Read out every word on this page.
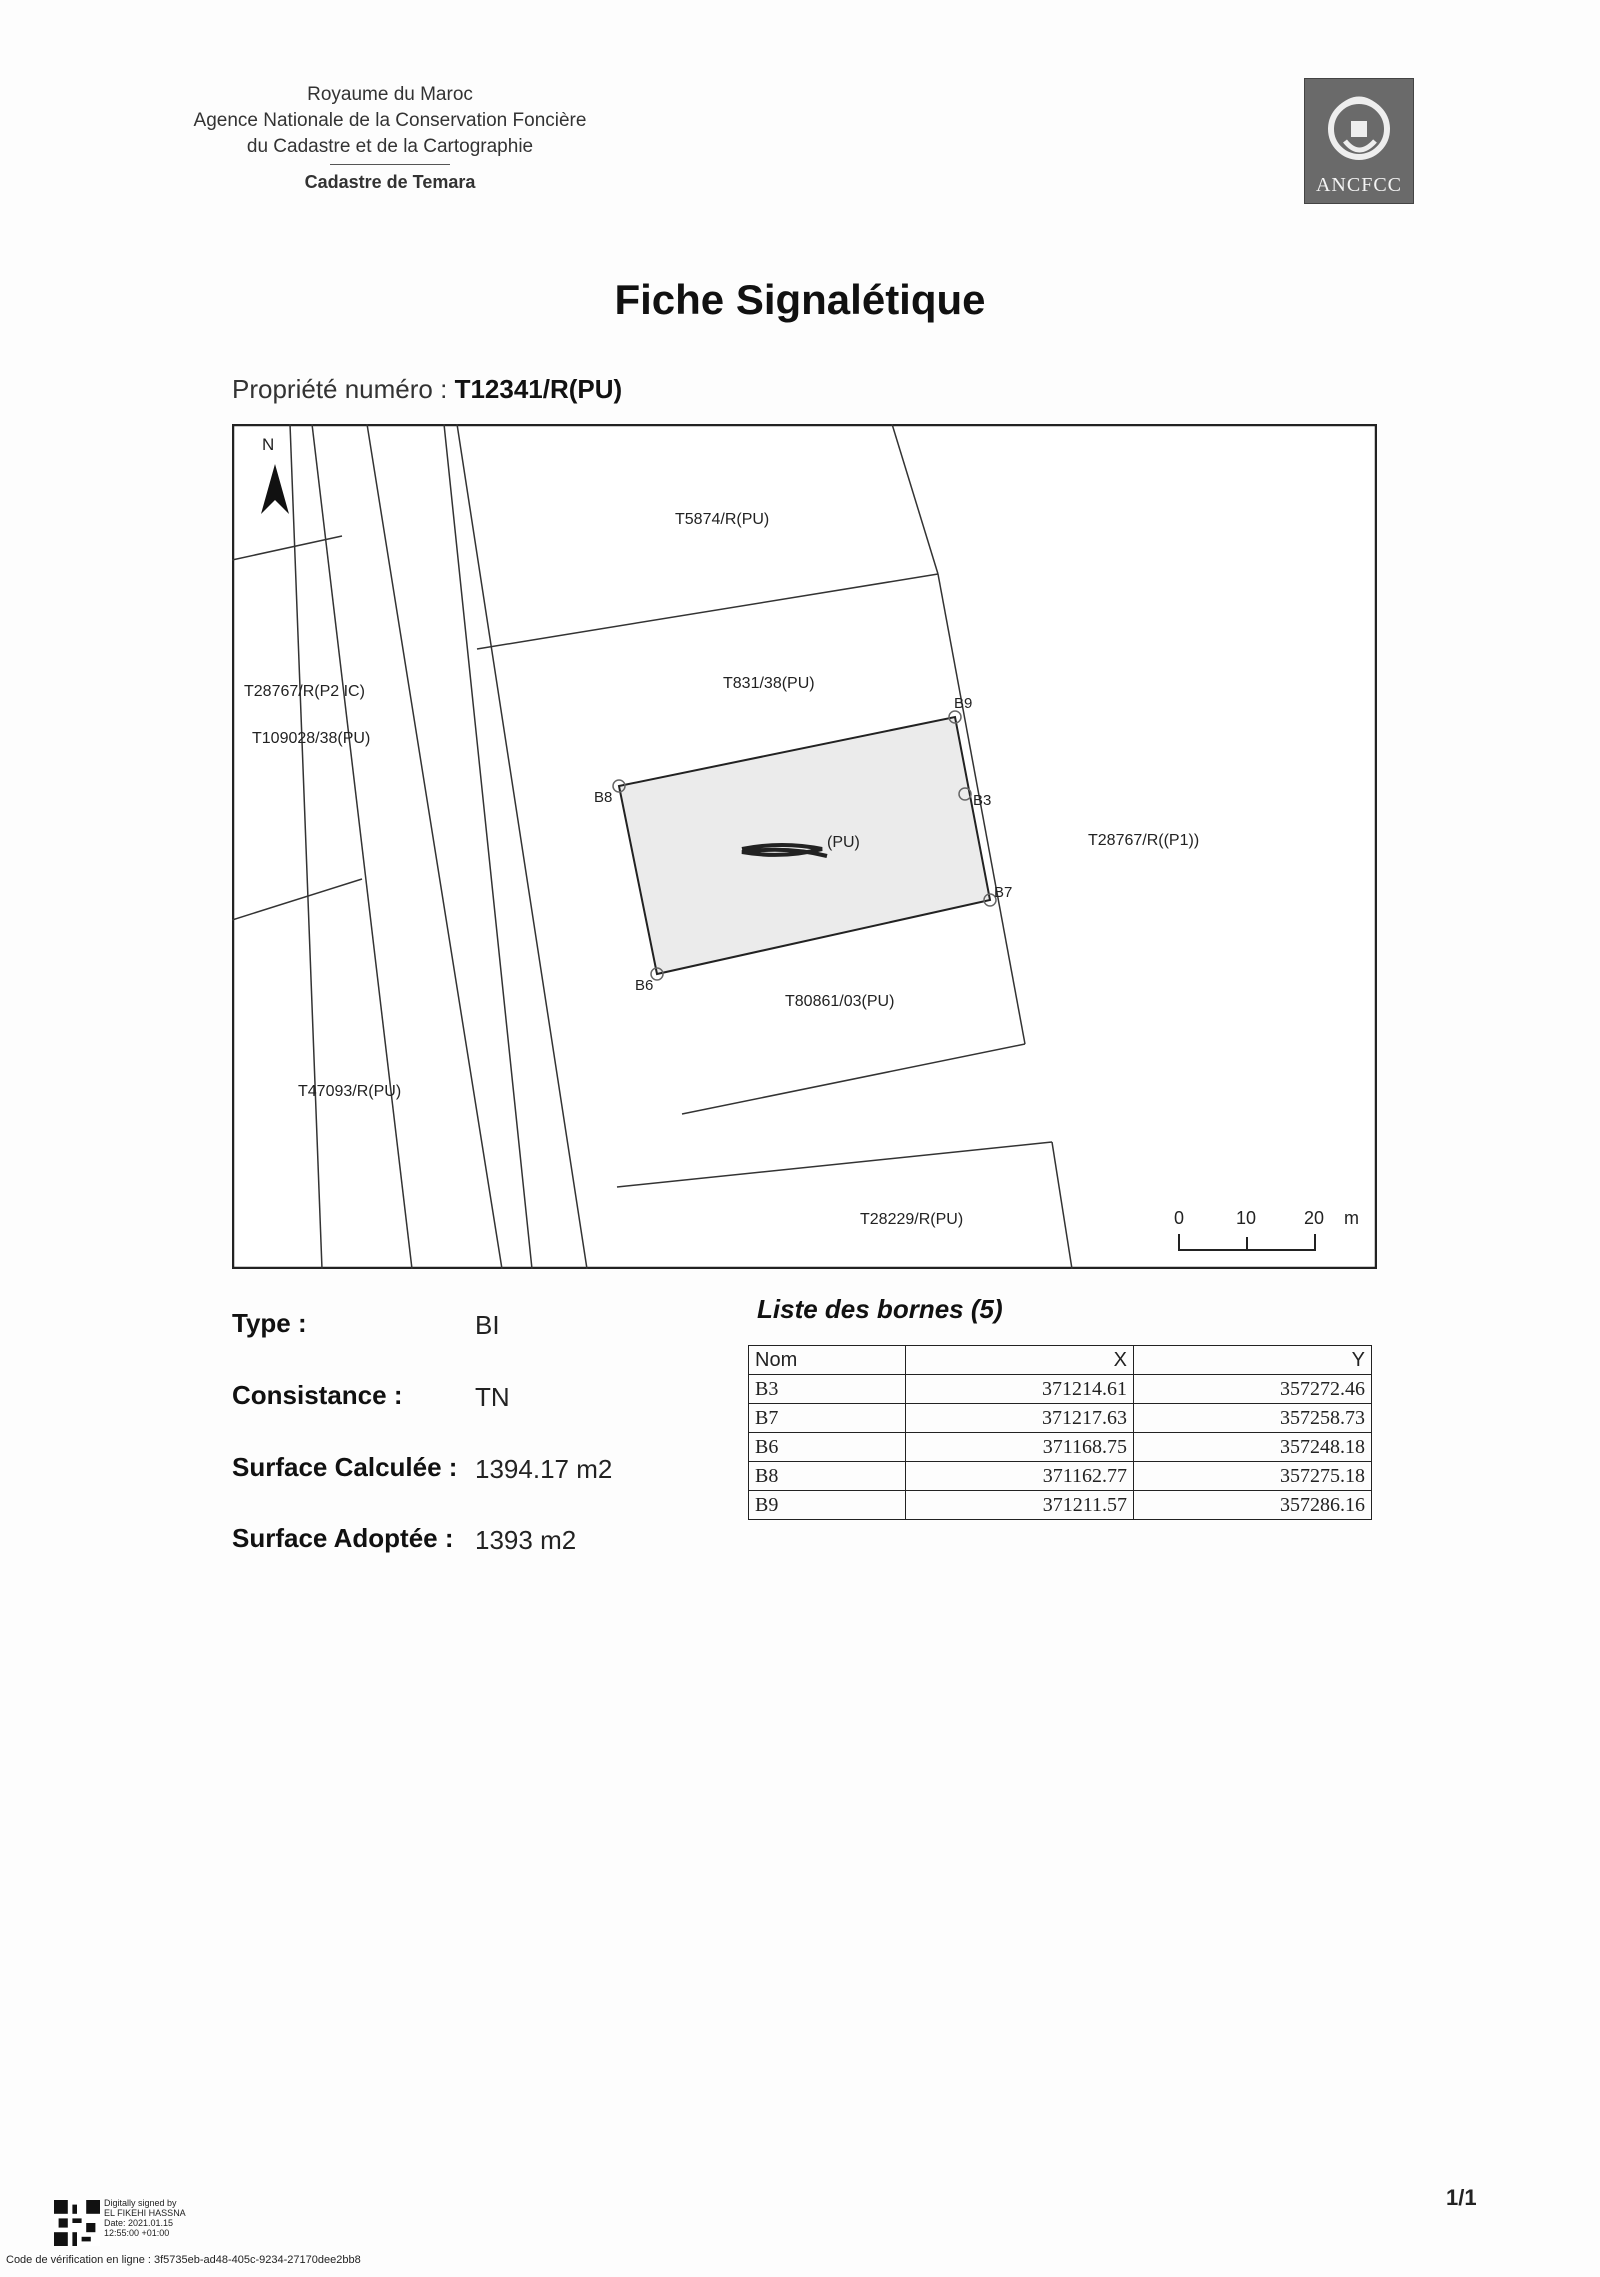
Royaume du Maroc
Agence Nationale de la Conservation Foncière
du Cadastre et de la Cartographie
Cadastre de Temara	ANCFCC
Fiche Signalétique
Propriété numéro : T12341/R(PU)
N
T5874/R(PU)
T831/38(PU)
T28767/R(P2 IC)
T109028/38(PU)
T28767/R((P1))
T80861/03(PU)
T47093/R(PU)
T28229/R(PU)
(PU)
B9
B3
B8
B7
B6
0	10	20 m
Type :	BI
Consistance :	TN
Surface Calculée : 1394.17 m2
Surface Adoptée : 1393 m2
Liste des bornes (5)
Nom	X	Y
B3	371214.61	357272.46
B7	371217.63	357258.73
B6	371168.75	357248.18
B8	371162.77	357275.18
B9	371211.57	357286.16
1/1
Digitally signed by
EL FIKEHI HASSNA
Date: 2021.01.15
12:55:00 +01:00
Code de vérification en ligne : 3f5735eb-ad48-405c-9234-27170dee2bb8
